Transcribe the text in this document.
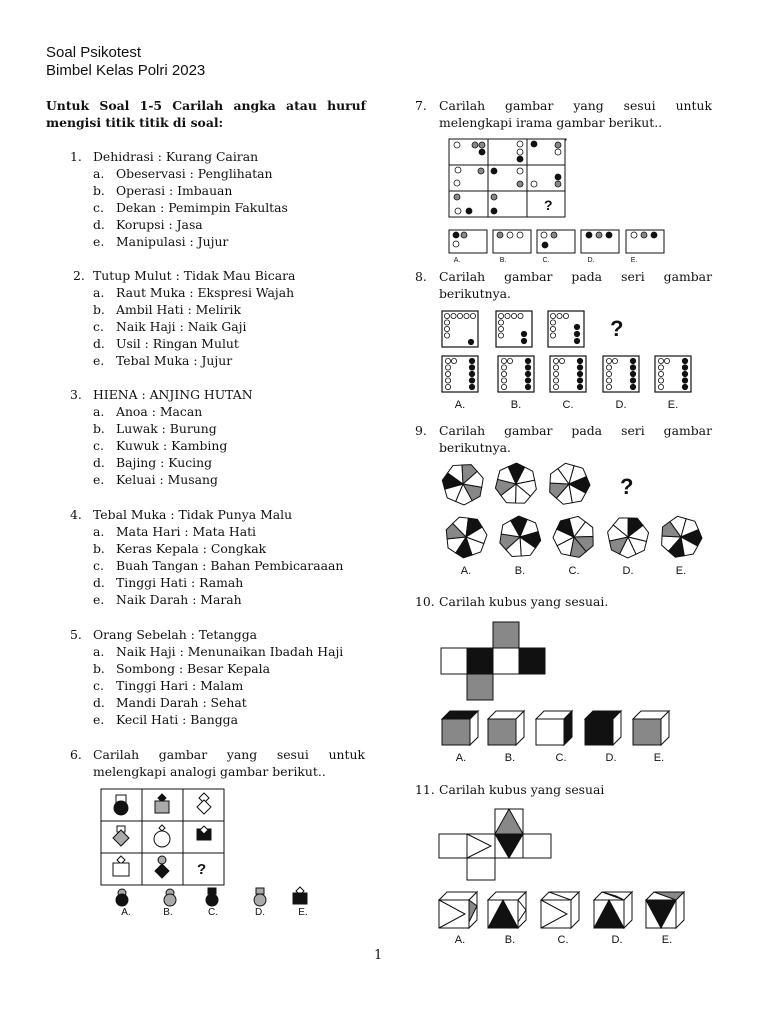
Soal Psikotest
Bimbel Kelas Polri 2023
Untuk Soal 1-5 Carilah angka atau huruf mengisi titik titik di soal:
1. Dehidrasi : Kurang Cairan
a. Obeservasi : Penglihatan
b. Operasi : Imbauan
c. Dekan : Pemimpin Fakultas
d. Korupsi : Jasa
e. Manipulasi : Jujur
2. Tutup Mulut : Tidak Mau Bicara
a. Raut Muka : Ekspresi Wajah
b. Ambil Hati : Melirik
c. Naik Haji : Naik Gaji
d. Usil : Ringan Mulut
e. Tebal Muka : Jujur
3. HIENA : ANJING HUTAN
a. Anoa : Macan
b. Luwak : Burung
c. Kuwuk : Kambing
d. Bajing : Kucing
e. Keluai : Musang
4. Tebal Muka : Tidak Punya Malu
a. Mata Hari : Mata Hati
b. Keras Kepala : Congkak
c. Buah Tangan : Bahan Pembicaraaan
d. Tinggi Hati : Ramah
e. Naik Darah : Marah
5. Orang Sebelah : Tetangga
a. Naik Haji : Menunaikan Ibadah Haji
b. Sombong : Besar Kepala
c. Tinggi Hari : Malam
d. Mandi Darah : Sehat
e. Kecil Hati : Bangga
6. Carilah gambar yang sesui untuk
melengkapi analogi gambar berikut..
?
A.	B.	C.	D.	E.
7. Carilah gambar yang sesui untuk
melengkapi irama gambar berikut..
?
A.	B.	C.	D.	E.
8. Carilah gambar pada seri gambar
berikutnya.
?
A.	B.	C.	D.	E.
9. Carilah gambar pada seri gambar
berikutnya.
?
A.	B.	C.	D.	E.
10. Carilah kubus yang sesuai.
A.	B.	C.	D.	E.
11. Carilah kubus yang sesuai
A.	B.	C.	D.	E.
1
